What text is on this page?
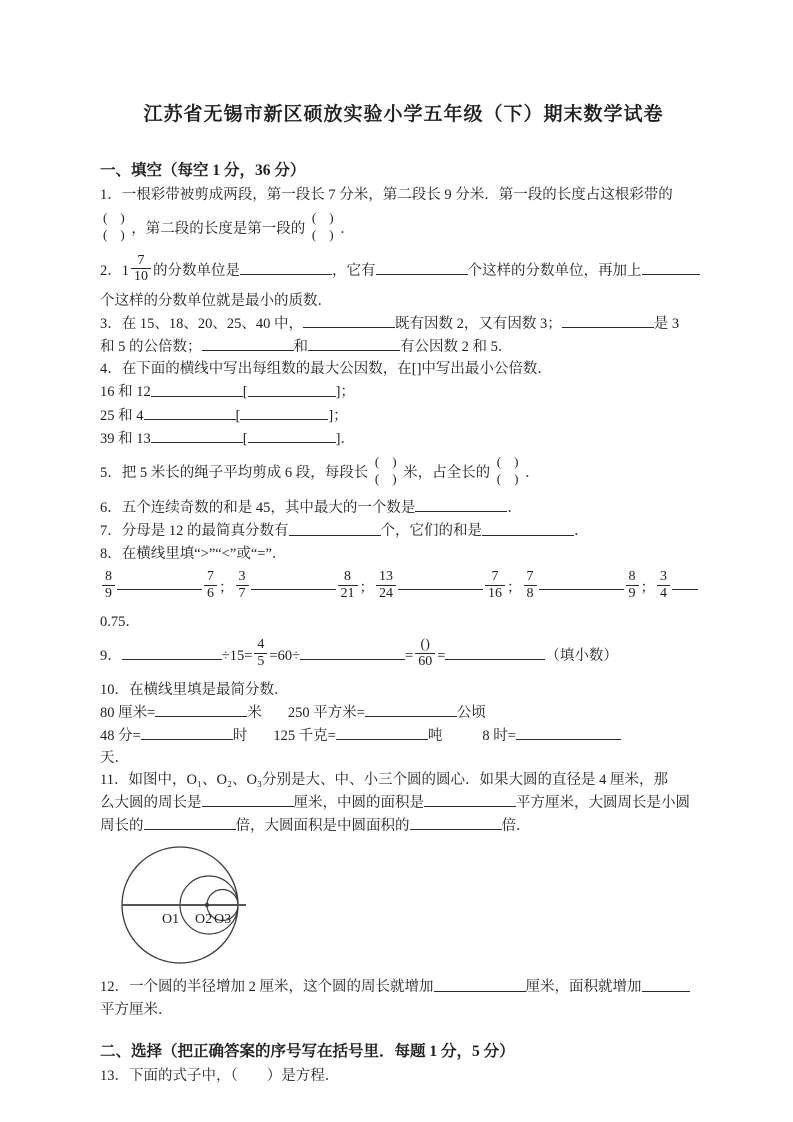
江苏省无锡市新区硕放实验小学五年级（下）期末数学试卷
一、填空（每空 1 分，36 分）
1．一根彩带被剪成两段，第一段长 7 分米，第二段长 9 分米．第一段的长度占这根彩带的
(　)
(　) ，第二段的长度是第一段的
(　)
(　) ．
2．$1 \frac{7}{10}$ 的分数单位是	，它有	个这样的分数单位，再加上
个这样的分数单位就是最小的质数．
3．在 15、18、20、25、40 中，	既有因数 2，又有因数 3；	是 3
和 5 的公倍数；	和	有公因数 2 和 5．
4．在下面的横线中写出每组数的最大公因数，在[]中写出最小公倍数．
16 和 12	[	]；
25 和 4	[	]；
39 和 13	[	]．
5．把 5 米长的绳子平均剪成 6 段，每段长
(　)
(　) 米，占全长的
(　)
(　) ．
6．五个连续奇数的和是 45，其中最大的一个数是	．
7．分母是 12 的最简真分数有	个，它们的和是	．
8．在横线里填“>”“<”或“=”．
$\frac{8}{9}$	$\frac{7}{6}$ ； $\frac{3}{7}$	$\frac{8}{21}$ ； $\frac{13}{24}$	$\frac{7}{16}$ ； $\frac{7}{8}$	$\frac{8}{9}$ ； $\frac{3}{4}$
0.75．
9．	$\div 15= \frac{4}{5} =60\div$	= $\frac{()}{60}$ =	（填小数）
10．在横线里填是最简分数．
80 厘米=	米 250 平方米=	公顷
48 分=	时 125 千克=	吨	8 时=
天．
11．如图中，O₁、O₂、O₃分别是大、中、小三个圆的圆心．如果大圆的直径是 4 厘米，那
么大圆的周长是	厘米，中圆的面积是	平方厘米，大圆周长是小圆
周长的	倍，大圆面积是中圆面积的	倍．
O1 O2 O3
12．一个圆的半径增加 2 厘米，这个圆的周长就增加	厘米，面积就增加
平方厘米．
二、选择（把正确答案的序号写在括号里．每题 1 分，5 分）
13．下面的式子中，（　　）是方程．
